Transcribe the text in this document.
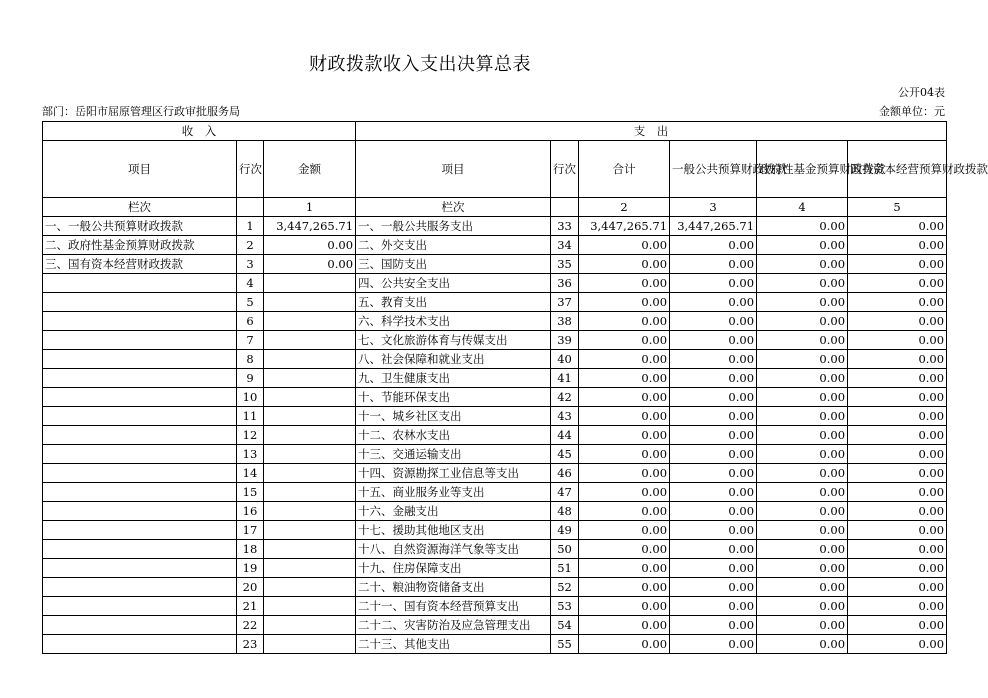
财政拨款收入支出决算总表
公开04表
部门：岳阳市屈原管理区行政审批服务局	金额单位：元
收　入			支　出					
项目	行次	金额	项目	行次	合计	一般公共预算财政拨款	政府性基金预算财政拨款	国有资本经营预算财政拨款
栏次		1	栏次		2	3	4	5
一、一般公共预算财政拨款	1	3,447,265.71	一、一般公共服务支出	33	3,447,265.71	3,447,265.71	0.00	0.00
二、政府性基金预算财政拨款	2	0.00	二、外交支出	34	0.00	0.00	0.00	0.00
三、国有资本经营财政拨款	3	0.00	三、国防支出	35	0.00	0.00	0.00	0.00
	4		四、公共安全支出	36	0.00	0.00	0.00	0.00
	5		五、教育支出	37	0.00	0.00	0.00	0.00
	6		六、科学技术支出	38	0.00	0.00	0.00	0.00
	7		七、文化旅游体育与传媒支出	39	0.00	0.00	0.00	0.00
	8		八、社会保障和就业支出	40	0.00	0.00	0.00	0.00
	9		九、卫生健康支出	41	0.00	0.00	0.00	0.00
	10		十、节能环保支出	42	0.00	0.00	0.00	0.00
	11		十一、城乡社区支出	43	0.00	0.00	0.00	0.00
	12		十二、农林水支出	44	0.00	0.00	0.00	0.00
	13		十三、交通运输支出	45	0.00	0.00	0.00	0.00
	14		十四、资源勘探工业信息等支出	46	0.00	0.00	0.00	0.00
	15		十五、商业服务业等支出	47	0.00	0.00	0.00	0.00
	16		十六、金融支出	48	0.00	0.00	0.00	0.00
	17		十七、援助其他地区支出	49	0.00	0.00	0.00	0.00
	18		十八、自然资源海洋气象等支出	50	0.00	0.00	0.00	0.00
	19		十九、住房保障支出	51	0.00	0.00	0.00	0.00
	20		二十、粮油物资储备支出	52	0.00	0.00	0.00	0.00
	21		二十一、国有资本经营预算支出	53	0.00	0.00	0.00	0.00
	22		二十二、灾害防治及应急管理支出	54	0.00	0.00	0.00	0.00
	23		二十三、其他支出	55	0.00	0.00	0.00	0.00
